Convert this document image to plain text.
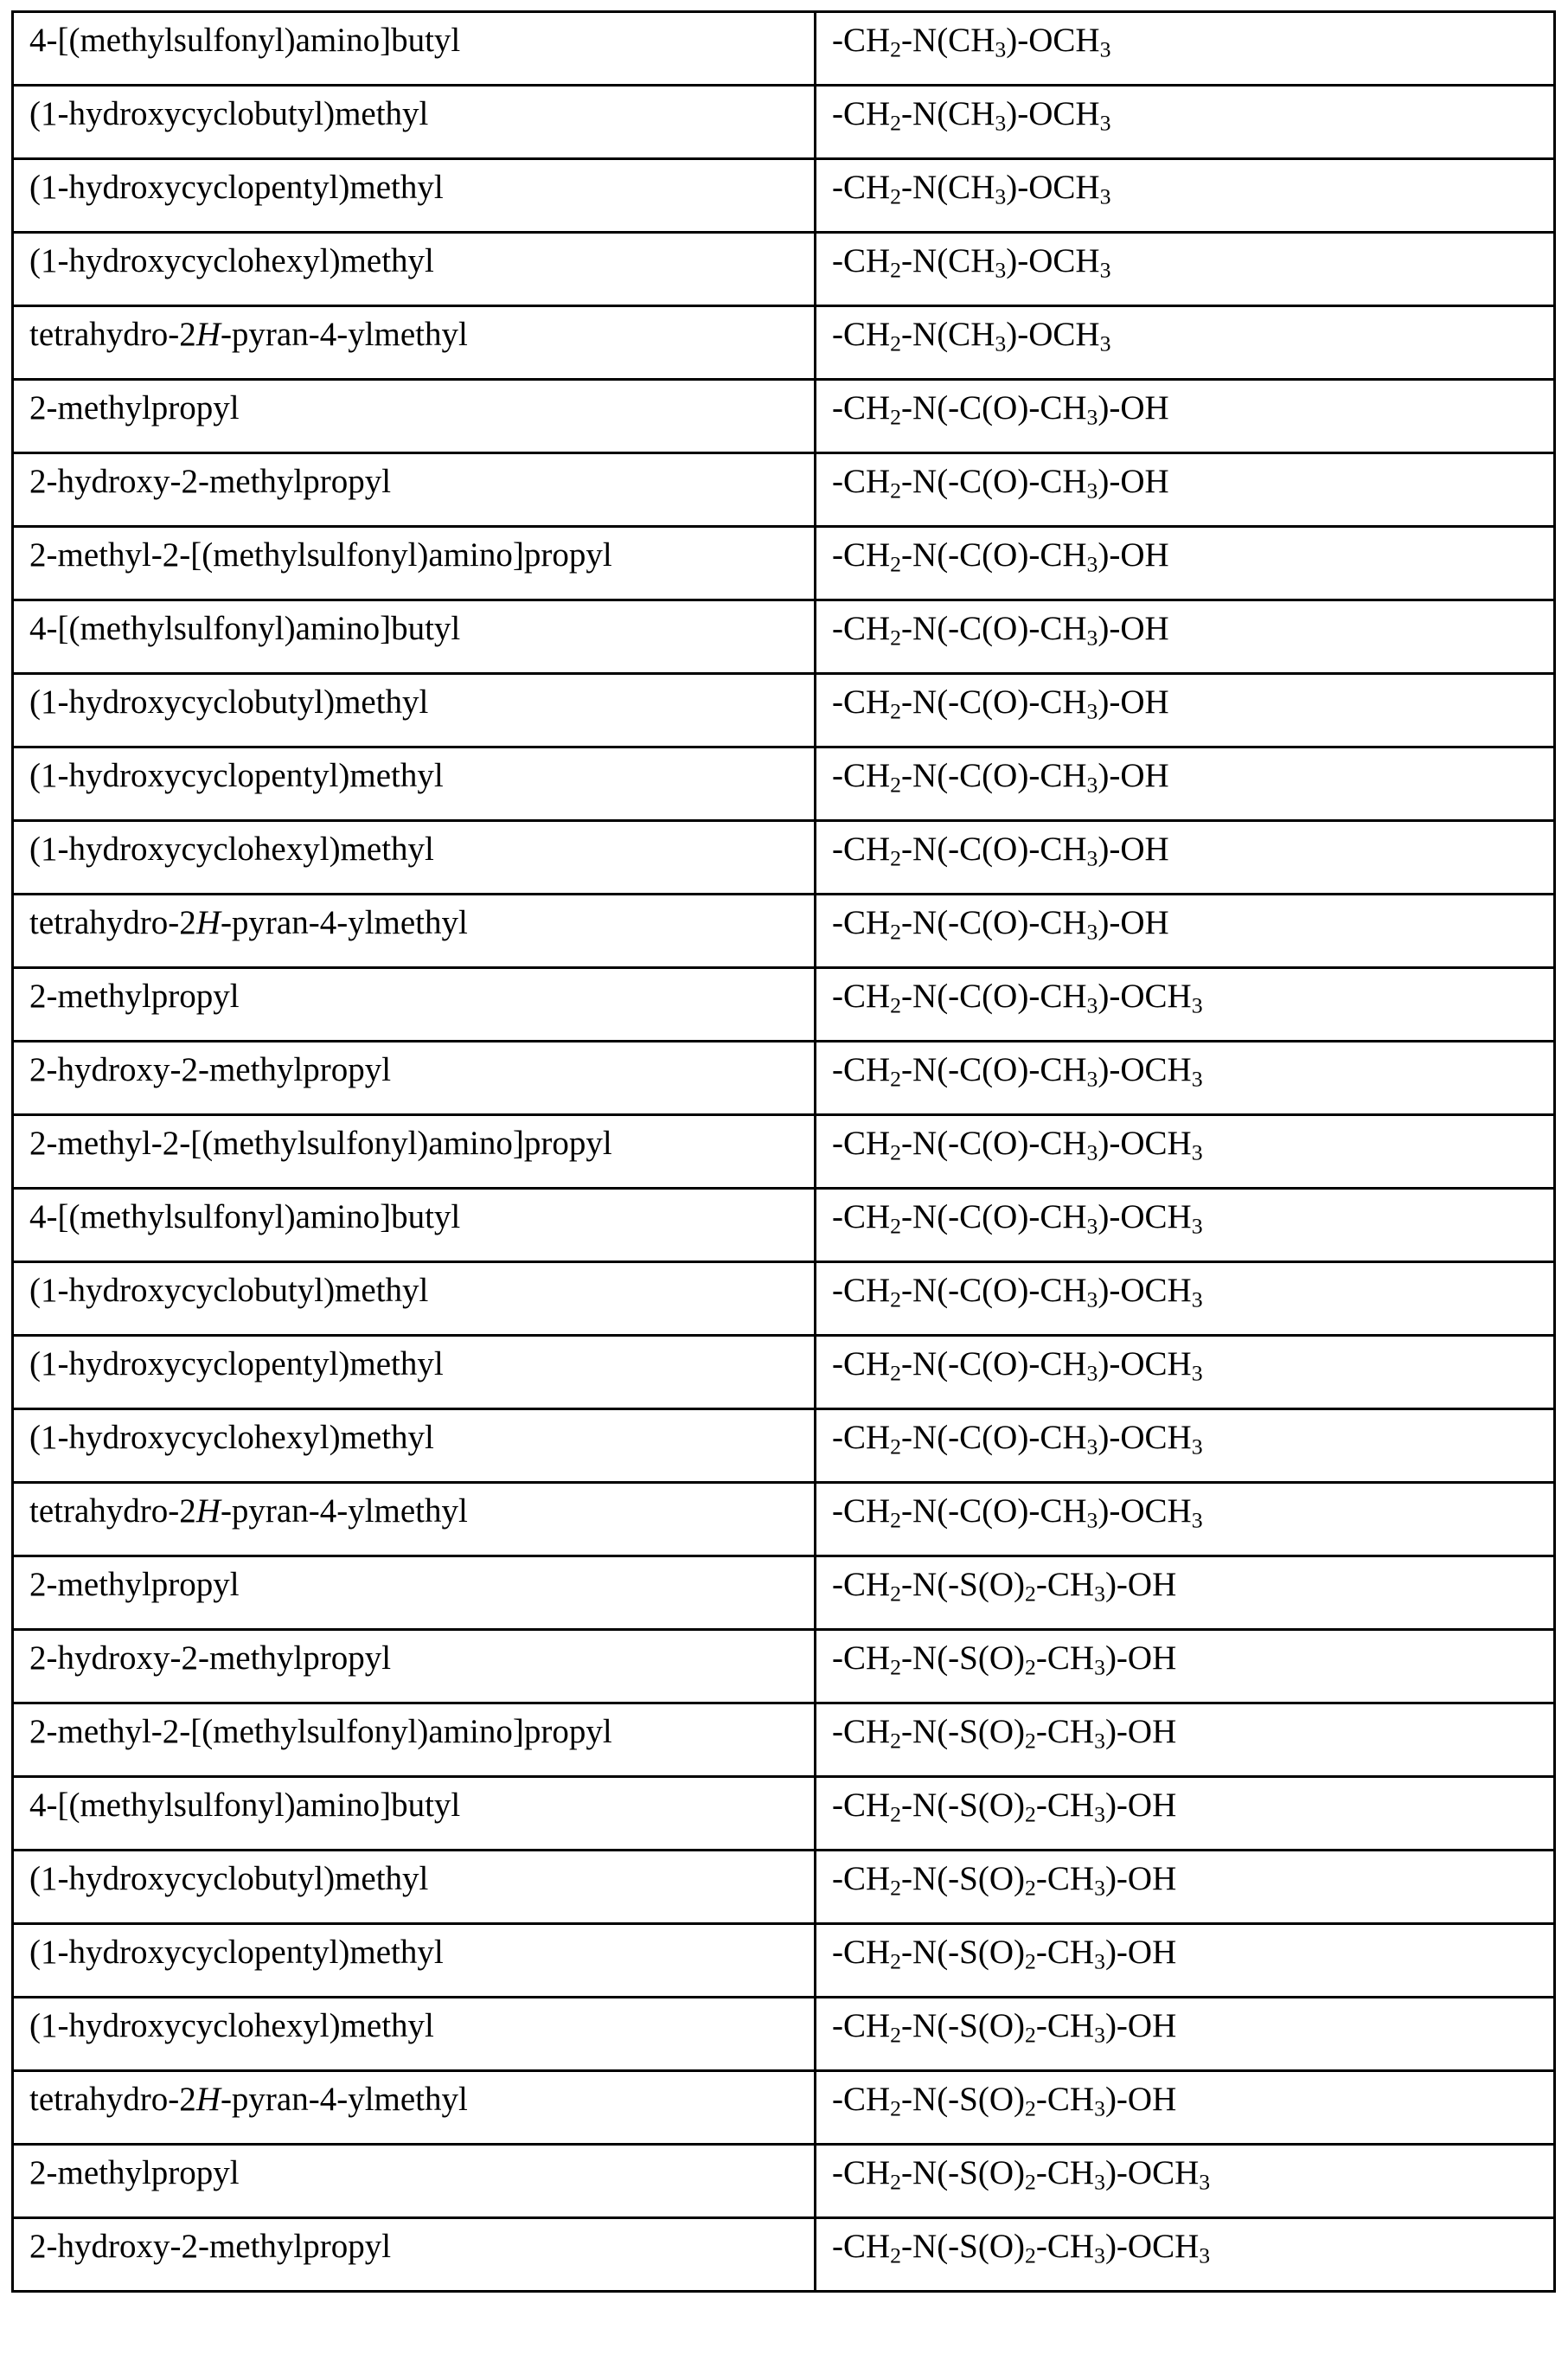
4-[(methylsulfonyl)amino]butyl	$-CH_2-N(CH_3)-OCH_3$

(1-hydroxycyclobutyl)methyl	$-CH_2-N(CH_3)-OCH_3$

(1-hydroxycyclopentyl)methyl	$-CH_2-N(CH_3)-OCH_3$

(1-hydroxycyclohexyl)methyl	$-CH_2-N(CH_3)-OCH_3$

tetrahydro-2H-pyran-4-ylmethyl	$-CH_2-N(CH_3)-OCH_3$

2-methylpropyl	$-CH_2-N(-C(O)-CH_3)-OH$

2-hydroxy-2-methylpropyl	$-CH_2-N(-C(O)-CH_3)-OH$

2-methyl-2-[(methylsulfonyl)amino]propyl	$-CH_2-N(-C(O)-CH_3)-OH$

4-[(methylsulfonyl)amino]butyl	$-CH_2-N(-C(O)-CH_3)-OH$

(1-hydroxycyclobutyl)methyl	$-CH_2-N(-C(O)-CH_3)-OH$

(1-hydroxycyclopentyl)methyl	$-CH_2-N(-C(O)-CH_3)-OH$

(1-hydroxycyclohexyl)methyl	$-CH_2-N(-C(O)-CH_3)-OH$

tetrahydro-2H-pyran-4-ylmethyl	$-CH_2-N(-C(O)-CH_3)-OH$

2-methylpropyl	$-CH_2-N(-C(O)-CH_3)-OCH_3$

2-hydroxy-2-methylpropyl	$-CH_2-N(-C(O)-CH_3)-OCH_3$

2-methyl-2-[(methylsulfonyl)amino]propyl	$-CH_2-N(-C(O)-CH_3)-OCH_3$

4-[(methylsulfonyl)amino]butyl	$-CH_2-N(-C(O)-CH_3)-OCH_3$

(1-hydroxycyclobutyl)methyl	$-CH_2-N(-C(O)-CH_3)-OCH_3$

(1-hydroxycyclopentyl)methyl	$-CH_2-N(-C(O)-CH_3)-OCH_3$

(1-hydroxycyclohexyl)methyl	$-CH_2-N(-C(O)-CH_3)-OCH_3$

tetrahydro-2H-pyran-4-ylmethyl	$-CH_2-N(-C(O)-CH_3)-OCH_3$

2-methylpropyl	$-CH_2-N(-S(O)_2-CH_3)-OH$

2-hydroxy-2-methylpropyl	$-CH_2-N(-S(O)_2-CH_3)-OH$

2-methyl-2-[(methylsulfonyl)amino]propyl	$-CH_2-N(-S(O)_2-CH_3)-OH$

4-[(methylsulfonyl)amino]butyl	$-CH_2-N(-S(O)_2-CH_3)-OH$

(1-hydroxycyclobutyl)methyl	$-CH_2-N(-S(O)_2-CH_3)-OH$

(1-hydroxycyclopentyl)methyl	$-CH_2-N(-S(O)_2-CH_3)-OH$

(1-hydroxycyclohexyl)methyl	$-CH_2-N(-S(O)_2-CH_3)-OH$

tetrahydro-2H-pyran-4-ylmethyl	$-CH_2-N(-S(O)_2-CH_3)-OH$

2-methylpropyl	$-CH_2-N(-S(O)_2-CH_3)-OCH_3$

2-hydroxy-2-methylpropyl	$-CH_2-N(-S(O)_2-CH_3)-OCH_3$
